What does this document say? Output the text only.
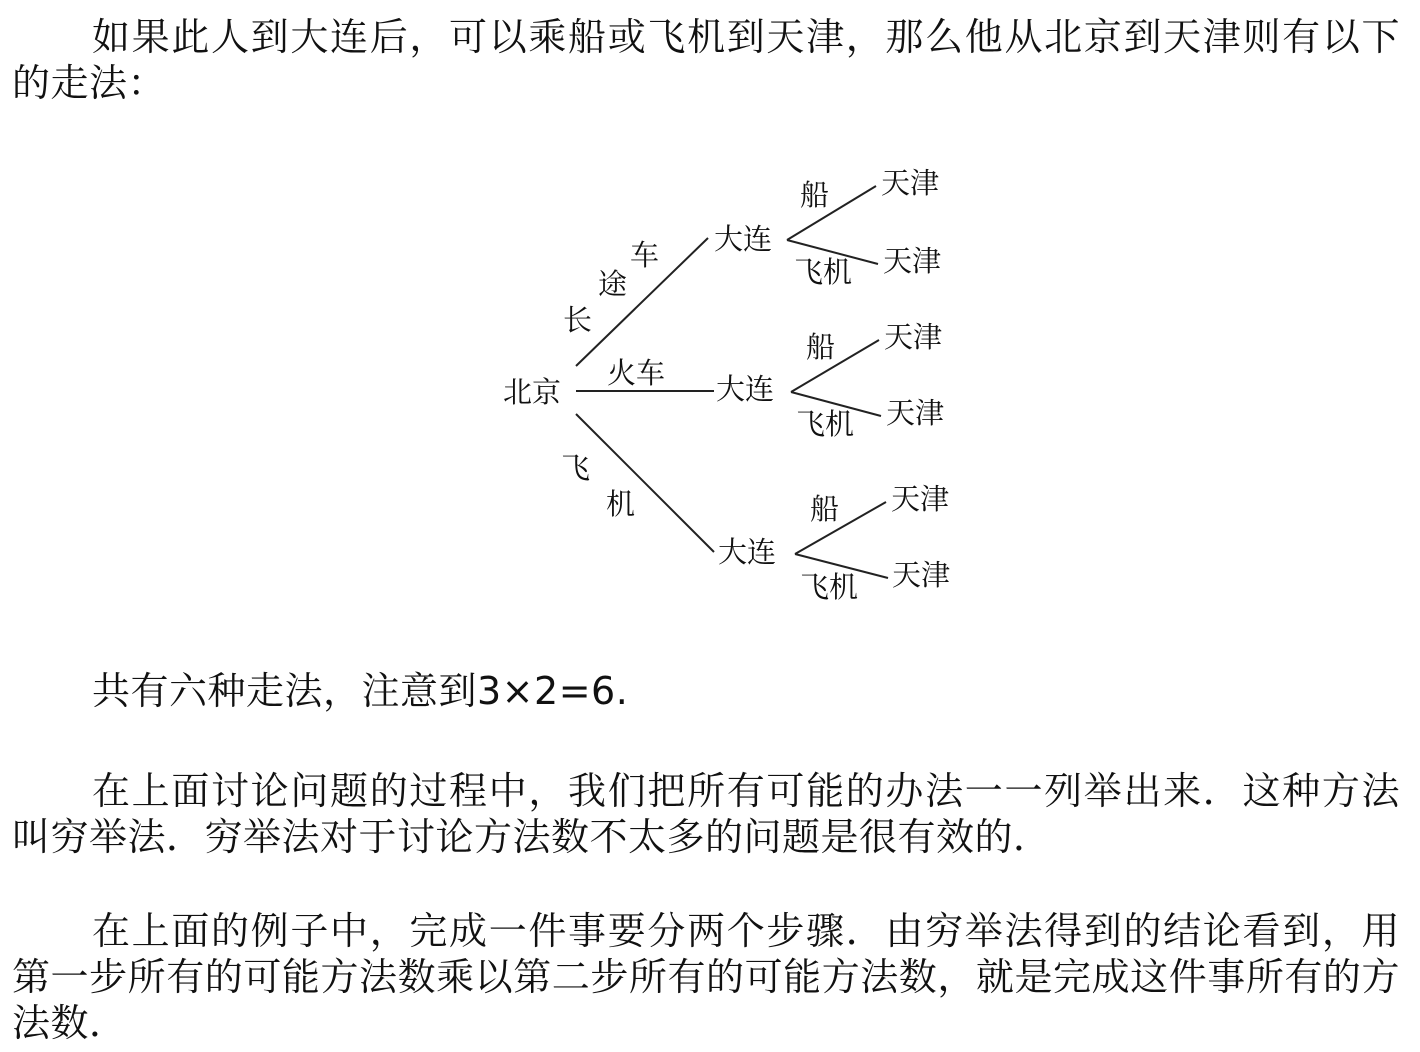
如果此人到大连后，可以乘船或飞机到天津，那么他从北京到天津则有以下的走法：

北京
长
途
车
火车
飞
机
大连
大连
大连
船
飞机
天津
天津
船
飞机
天津
天津
船
飞机
天津
天津

共有六种走法，注意到3×2=6.

在上面讨论问题的过程中，我们把所有可能的办法一一列举出来．这种方法叫穷举法．穷举法对于讨论方法数不太多的问题是很有效的．

在上面的例子中，完成一件事要分两个步骤．由穷举法得到的结论看到，用第一步所有的可能方法数乘以第二步所有的可能方法数，就是完成这件事所有的方法数．
